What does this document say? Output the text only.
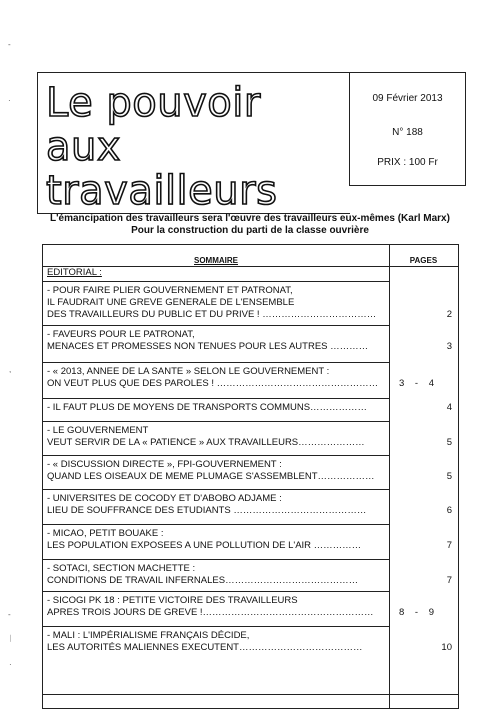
-
·
,
-
ᛁ
·
Le pouvoir
aux
travailleurs
09 Février 2013
N° 188
PRIX : 100 Fr
L'émancipation des travailleurs sera l'œuvre des travailleurs eux-mêmes (Karl Marx)
Pour la construction du parti de la classe ouvrière
SOMMAIRE	PAGES
EDITORIAL :
- POUR FAIRE PLIER GOUVERNEMENT ET PATRONAT,
IL FAUDRAIT UNE GREVE GENERALE DE L'ENSEMBLE
DES TRAVAILLEURS DU PUBLIC ET DU PRIVE ! ………………………………	2
- FAVEURS POUR LE PATRONAT,
MENACES ET PROMESSES NON TENUES POUR LES AUTRES …………	3
- « 2013, ANNEE DE LA SANTE » SELON LE GOUVERNEMENT :
ON VEUT PLUS QUE DES PAROLES ! ……………………………………………	3 - 4
- IL FAUT PLUS DE MOYENS DE TRANSPORTS COMMUNS………………	4
- LE GOUVERNEMENT
VEUT SERVIR DE LA « PATIENCE » AUX TRAVAILLEURS…………………	5
- « DISCUSSION DIRECTE », FPI-GOUVERNEMENT :
QUAND LES OISEAUX DE MEME PLUMAGE S'ASSEMBLENT………………	5
- UNIVERSITES DE COCODY ET D'ABOBO ADJAME :
LIEU DE SOUFFRANCE DES ETUDIANTS ……………………………………	6
- MICAO, PETIT BOUAKE :
LES POPULATION EXPOSEES A UNE POLLUTION DE L'AIR ……………	7
- SOTACI, SECTION MACHETTE :
CONDITIONS DE TRAVAIL INFERNALES……………………………………	7
- SICOGI PK 18 : PETITE VICTOIRE DES TRAVAILLEURS
APRES TROIS JOURS DE GREVE !………………………………………………	8 - 9
- MALI : L'IMPÉRIALISME FRANÇAIS DÉCIDE,
LES AUTORITÉS MALIENNES EXECUTENT…………………………………	10
